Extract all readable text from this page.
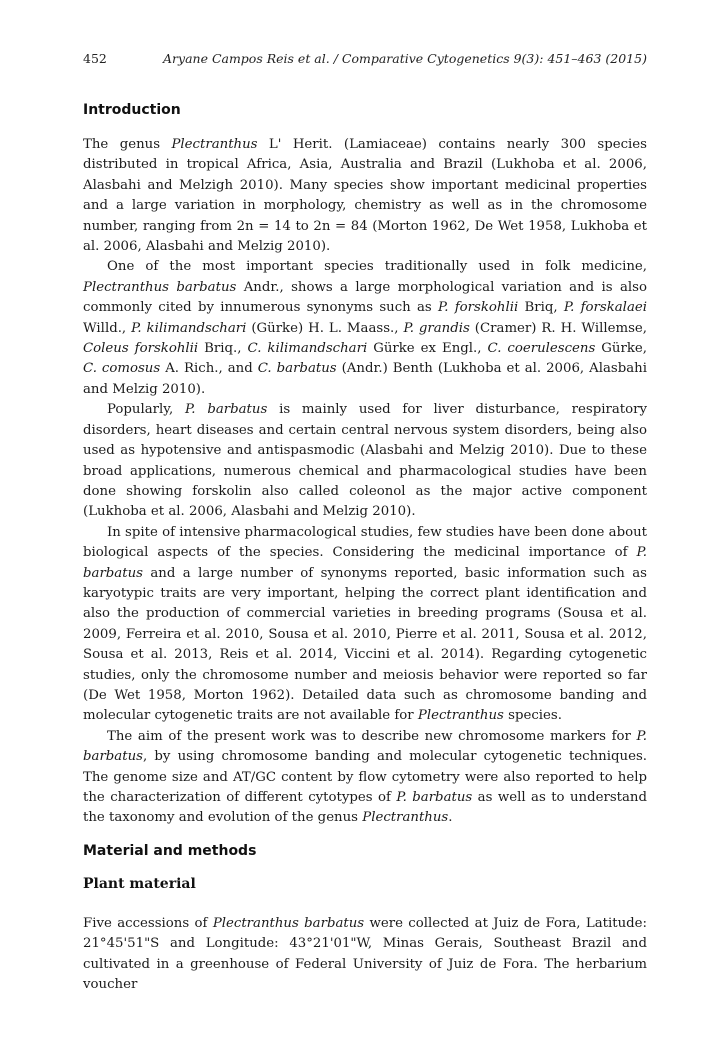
452	Aryane Campos Reis et al. / Comparative Cytogenetics 9(3): 451–463 (2015)
Introduction

The genus Plectranthus L' Herit. (Lamiaceae) contains nearly 300 species distributed in tropical Africa, Asia, Australia and Brazil (Lukhoba et al. 2006, Alasbahi and Melzigh 2010). Many species show important medicinal properties and a large variation in morphology, chemistry as well as in the chromosome number, ranging from 2n = 14 to 2n = 84 (Morton 1962, De Wet 1958, Lukhoba et al. 2006, Alasbahi and Melzig 2010).

One of the most important species traditionally used in folk medicine, Plectranthus barbatus Andr., shows a large morphological variation and is also commonly cited by innumerous synonyms such as P. forskohlii Briq, P. forskalaei Willd., P. kilimandschari (Gürke) H. L. Maass., P. grandis (Cramer) R. H. Willemse, Coleus forskohlii Briq., C. kilimandschari Gürke ex Engl., C. coerulescens Gürke, C. comosus A. Rich., and C. barbatus (Andr.) Benth (Lukhoba et al. 2006, Alasbahi and Melzig 2010).

Popularly, P. barbatus is mainly used for liver disturbance, respiratory disorders, heart diseases and certain central nervous system disorders, being also used as hypotensive and antispasmodic (Alasbahi and Melzig 2010). Due to these broad applications, numerous chemical and pharmacological studies have been done showing forskolin also called coleonol as the major active component (Lukhoba et al. 2006, Alasbahi and Melzig 2010).

In spite of intensive pharmacological studies, few studies have been done about biological aspects of the species. Considering the medicinal importance of P. barbatus and a large number of synonyms reported, basic information such as karyotypic traits are very important, helping the correct plant identification and also the production of commercial varieties in breeding programs (Sousa et al. 2009, Ferreira et al. 2010, Sousa et al. 2010, Pierre et al. 2011, Sousa et al. 2012, Sousa et al. 2013, Reis et al. 2014, Viccini et al. 2014). Regarding cytogenetic studies, only the chromosome number and meiosis behavior were reported so far (De Wet 1958, Morton 1962). Detailed data such as chromosome banding and molecular cytogenetic traits are not available for Plectranthus species.

The aim of the present work was to describe new chromosome markers for P. barbatus, by using chromosome banding and molecular cytogenetic techniques. The genome size and AT/GC content by flow cytometry were also reported to help the characterization of different cytotypes of P. barbatus as well as to understand the taxonomy and evolution of the genus Plectranthus.

Material and methods
Plant material

Five accessions of Plectranthus barbatus were collected at Juiz de Fora, Latitude: 21°45'51"S and Longitude: 43°21'01"W, Minas Gerais, Southeast Brazil and cultivated in a greenhouse of Federal University of Juiz de Fora. The herbarium voucher
